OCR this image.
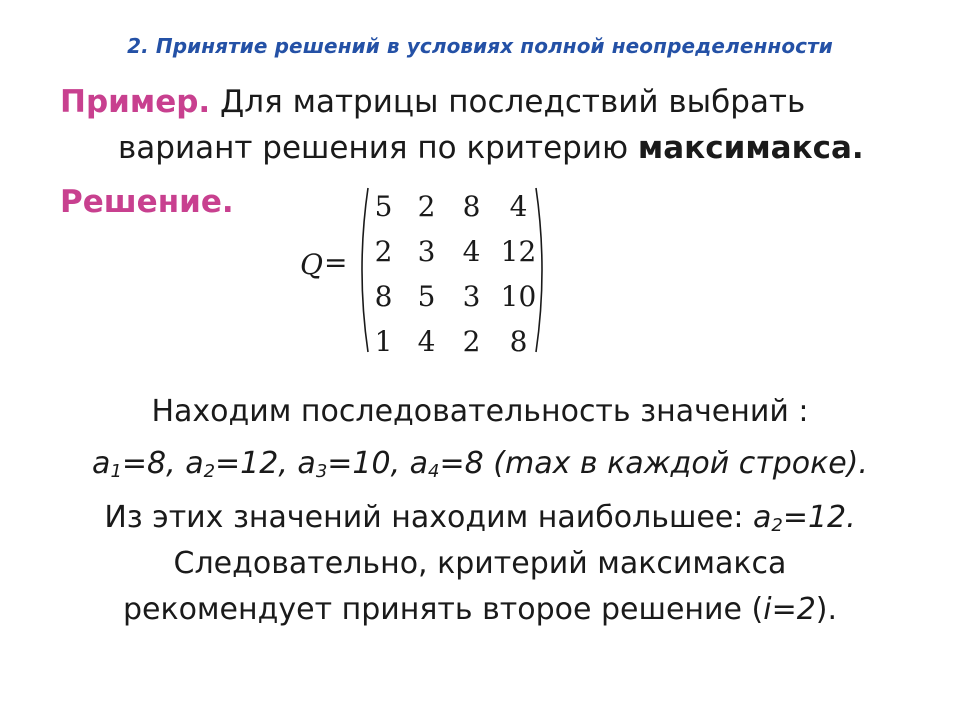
2. Принятие решений в условиях полной неопределенности
Пример. Для матрицы последствий выбрать
вариант решения по критерию максимакса.
Решение.
Q =
5 2 8	4
2 3 4 12
8 5 3 10
1 4 2	8
Находим последовательность значений :
$a_1=8$, $a_2=12$, $a_3=10$, $a_4=8$ (max в каждой строке).
Из этих значений находим наибольшее: $a_2=12$.
Следовательно, критерий максимакса
рекомендует принять второе решение (i=2).
